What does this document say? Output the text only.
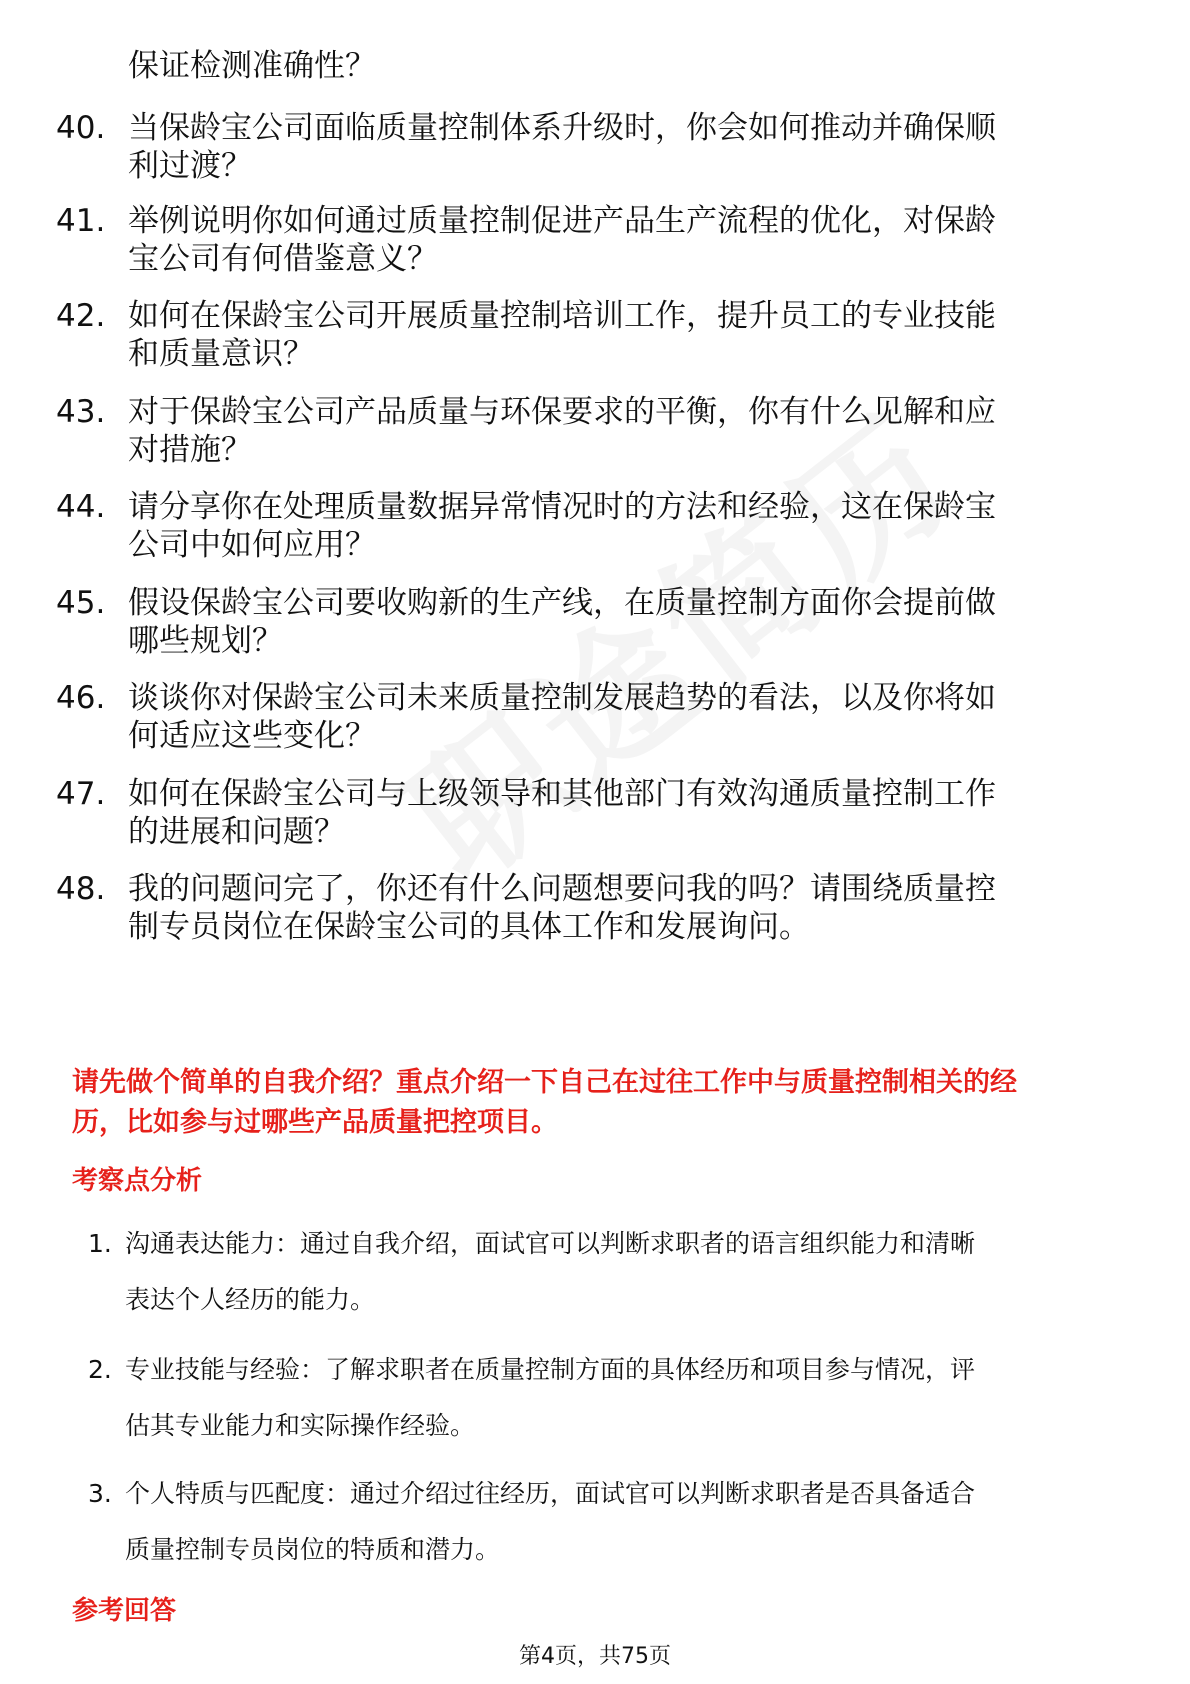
保证检测准确性？
40. 当保龄宝公司面临质量控制体系升级时，你会如何推动并确保顺
利过渡？
41. 举例说明你如何通过质量控制促进产品生产流程的优化，对保龄
宝公司有何借鉴意义？
42. 如何在保龄宝公司开展质量控制培训工作，提升员工的专业技能
和质量意识？
43. 对于保龄宝公司产品质量与环保要求的平衡，你有什么见解和应
对措施？
44. 请分享你在处理质量数据异常情况时的方法和经验，这在保龄宝
公司中如何应用？
45. 假设保龄宝公司要收购新的生产线，在质量控制方面你会提前做
哪些规划？
46. 谈谈你对保龄宝公司未来质量控制发展趋势的看法，以及你将如
何适应这些变化？
47. 如何在保龄宝公司与上级领导和其他部门有效沟通质量控制工作
的进展和问题？
48. 我的问题问完了，你还有什么问题想要问我的吗？请围绕质量控
制专员岗位在保龄宝公司的具体工作和发展询问。
请先做个简单的自我介绍？重点介绍一下自己在过往工作中与质量控制相关的经
历，比如参与过哪些产品质量把控项目。
考察点分析
1. 沟通表达能力：通过自我介绍，面试官可以判断求职者的语言组织能力和清晰
表达个人经历的能力。
2. 专业技能与经验：了解求职者在质量控制方面的具体经历和项目参与情况，评
估其专业能力和实际操作经验。
3. 个人特质与匹配度：通过介绍过往经历，面试官可以判断求职者是否具备适合
质量控制专员岗位的特质和潜力。
参考回答
第4页，共75页
